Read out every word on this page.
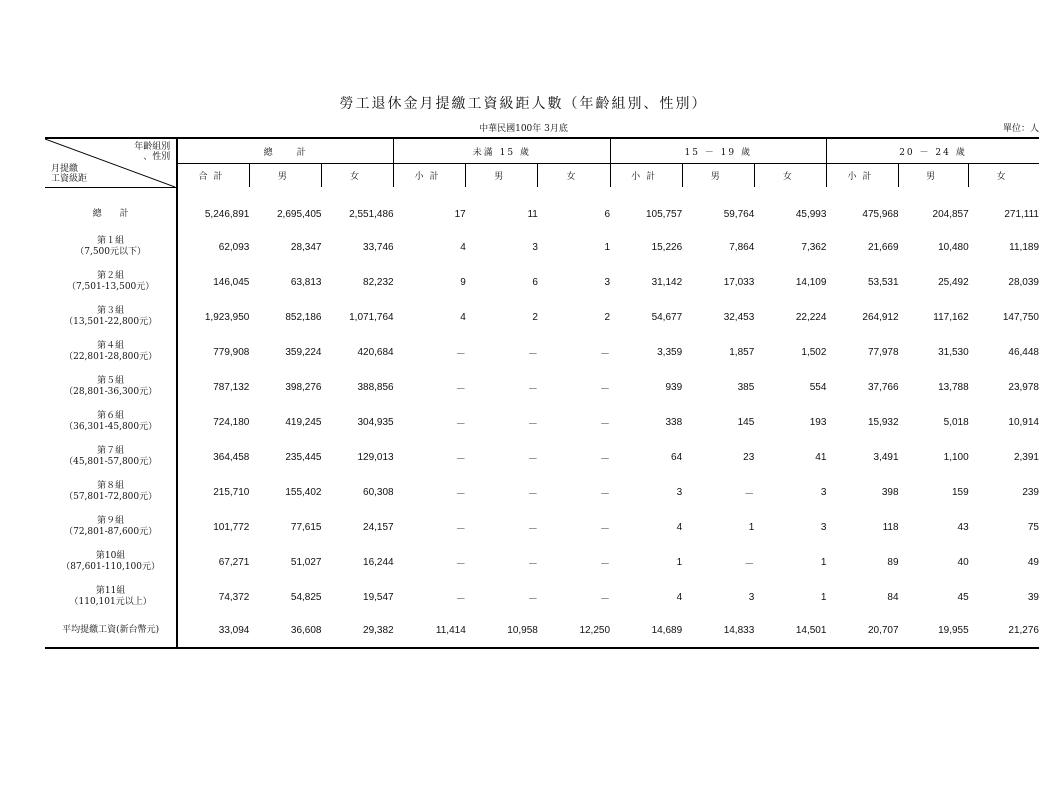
勞工退休金月提繳工資級距人數（年齡組別、性別）
中華民國100年 3月底	單位：人
年齡組別
、性別
月提繳
工資級距	總　　計			未滿 15 歲			15 － 19 歲			20 － 24 歲		
	合計	男	女	小計	男	女	小計	男	女	小計	男	女

總　　計	5,246,891	2,695,405	2,551,486	17	11	6	105,757	59,764	45,993	475,968	204,857	271,111
第１組
（7,500元以下）	62,093	28,347	33,746	4	3	1	15,226	7,864	7,362	21,669	10,480	11,189
第２組
（7,501-13,500元）	146,045	63,813	82,232	9	6	3	31,142	17,033	14,109	53,531	25,492	28,039
第３組
（13,501-22,800元）	1,923,950	852,186	1,071,764	4	2	2	54,677	32,453	22,224	264,912	117,162	147,750
第４組
（22,801-28,800元）	779,908	359,224	420,684	－	－	－	3,359	1,857	1,502	77,978	31,530	46,448
第５組
（28,801-36,300元）	787,132	398,276	388,856	－	－	－	939	385	554	37,766	13,788	23,978
第６組
（36,301-45,800元）	724,180	419,245	304,935	－	－	－	338	145	193	15,932	5,018	10,914
第７組
（45,801-57,800元）	364,458	235,445	129,013	－	－	－	64	23	41	3,491	1,100	2,391
第８組
（57,801-72,800元）	215,710	155,402	60,308	－	－	－	3	－	3	398	159	239
第９組
（72,801-87,600元）	101,772	77,615	24,157	－	－	－	4	1	3	118	43	75
第10組
（87,601-110,100元）	67,271	51,027	16,244	－	－	－	1	－	1	89	40	49
第11組
（110,101元以上）	74,372	54,825	19,547	－	－	－	4	3	1	84	45	39
平均提繳工資(新台幣元)	33,094	36,608	29,382	11,414	10,958	12,250	14,689	14,833	14,501	20,707	19,955	21,276
